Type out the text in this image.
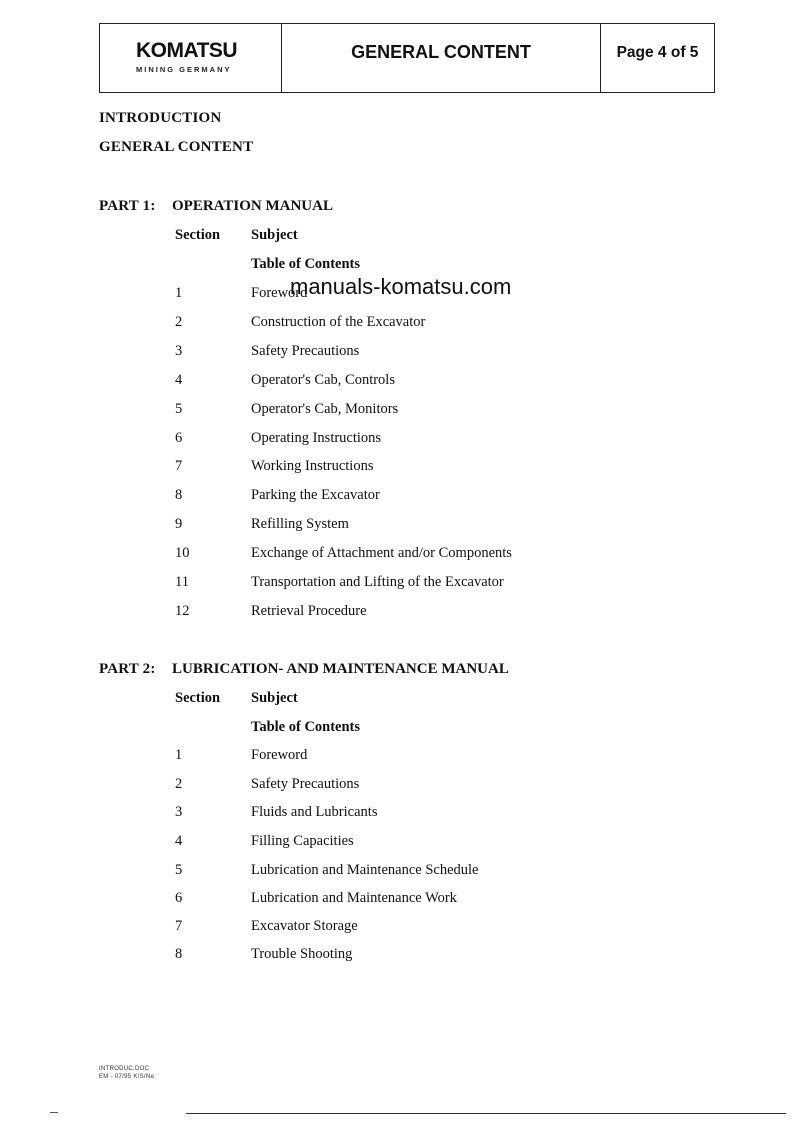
KOMATSU
MINING GERMANY
GENERAL CONTENT	Page 4 of 5
INTRODUCTION
GENERAL CONTENT
PART 1: OPERATION MANUAL
Section Subject
Table of Contents
1	Foreword
2	Construction of the Excavator
3	Safety Precautions
4	Operator's Cab, Controls
5	Operator's Cab, Monitors
6	Operating Instructions
7	Working Instructions
8	Parking the Excavator
9	Refilling System
10	Exchange of Attachment and/or Components
11	Transportation and Lifting of the Excavator
12	Retrieval Procedure
PART 2: LUBRICATION- AND MAINTENANCE MANUAL
Section Subject
Table of Contents
1	Foreword
2	Safety Precautions
3	Fluids and Lubricants
4	Filling Capacities
5	Lubrication and Maintenance Schedule
6	Lubrication and Maintenance Work
7	Excavator Storage
8	Trouble Shooting
manuals-komatsu.com
INTRODUC.DOC
EM - 07/95 K/S/Ne
